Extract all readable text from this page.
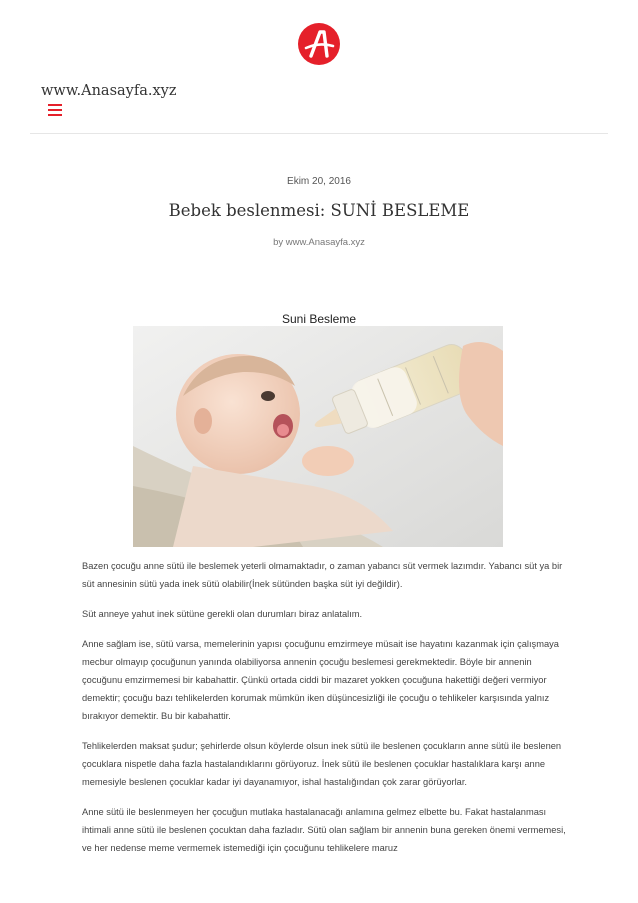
www.Anasayfa.xyz

Ekim 20, 2016
Bebek beslenmesi: SUNİ BESLEME
by www.Anasayfa.xyz
Suni Besleme

Bazen çocuğu anne sütü ile beslemek yeterli olmamaktadır, o zaman yabancı süt vermek lazımdır. Yabancı süt ya bir süt annesinin sütü yada inek sütü olabilir(İnek sütünden başka süt iyi değildir).

Süt anneye yahut inek sütüne gerekli olan durumları biraz anlatalım.

Anne sağlam ise, sütü varsa, memelerinin yapısı çocuğunu emzirmeye müsait ise hayatını kazanmak için çalışmaya mecbur olmayıp çocuğunun yanında olabiliyorsa annenin çocuğu beslemesi gerekmektedir. Böyle bir annenin çocuğunu emzirmemesi bir kabahattir. Çünkü ortada ciddi bir mazaret yokken çocuğuna hakettiği değeri vermiyor demektir; çocuğu bazı tehlikelerden korumak mümkün iken düşüncesizliği ile çocuğu o tehlikeler karşısında yalnız bırakıyor demektir. Bu bir kabahattir.

Tehlikelerden maksat şudur; şehirlerde olsun köylerde olsun inek sütü ile beslenen çocukların anne sütü ile beslenen çocuklara nispetle daha fazla hastalandıklarını görüyoruz. İnek sütü ile beslenen çocuklar hastalıklara karşı anne memesiyle beslenen çocuklar kadar iyi dayanamıyor, ishal hastalığından çok zarar görüyorlar.

Anne sütü ile beslenmeyen her çocuğun mutlaka hastalanacağı anlamına gelmez elbette bu. Fakat hastalanması ihtimali anne sütü ile beslenen çocuktan daha fazladır. Sütü olan sağlam bir annenin buna gereken önemi vermemesi, ve her nedense meme vermemek istemediği için çocuğunu tehlikelere maruz
